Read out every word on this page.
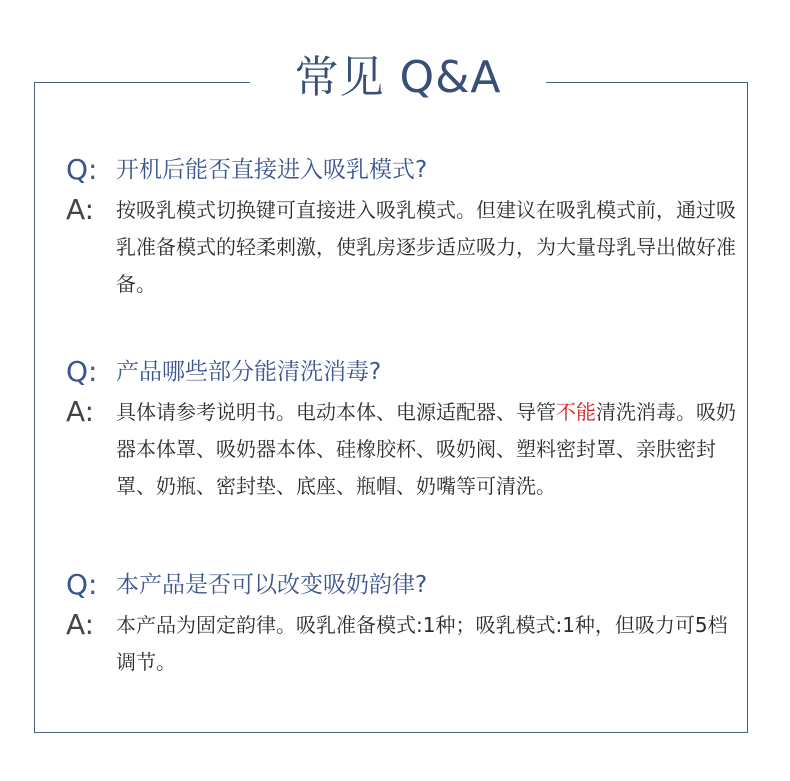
常见 Q&A
Q: 开机后能否直接进入吸乳模式?
A: 按吸乳模式切换键可直接进入吸乳模式。但建议在吸乳模式前，通过吸乳准备模式的轻柔刺激，使乳房逐步适应吸力，为大量母乳导出做好准备。
Q: 产品哪些部分能清洗消毒?
A: 具体请参考说明书。电动本体、电源适配器、导管不能清洗消毒。吸奶器本体罩、吸奶器本体、硅橡胶杯、吸奶阀、塑料密封罩、亲肤密封罩、奶瓶、密封垫、底座、瓶帽、奶嘴等可清洗。
Q: 本产品是否可以改变吸奶韵律?
A: 本产品为固定韵律。吸乳准备模式:1种；吸乳模式:1种，但吸力可5档调节。
